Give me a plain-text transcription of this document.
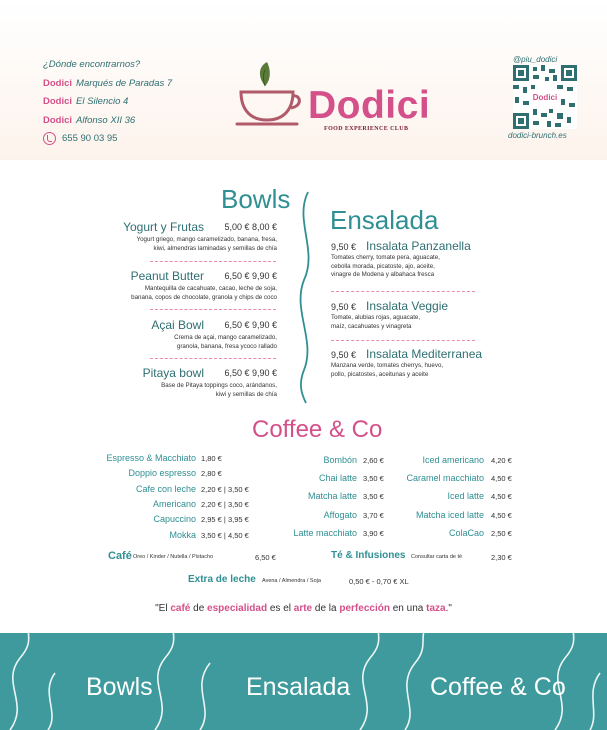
¿Dónde encontrarnos?
Dodici Marqués de Paradas 7
Dodici El Silencio 4
Dodici Alfonso XII 36
655 90 03 95
Dodici
FOOD EXPERIENCE CLUB
@piu_dodici
Dodici
dodici-brunch.es
Bowls
Yogurt y Frutas 5,00 € 8,00 €
Yogurt griego, mango caramelizado, banana, fresa,
kiwi, almendras laminadas y semillas de chía
Peanut Butter 6,50 € 9,90 €
Mantequilla de cacahuate, cacao, leche de soja,
banana, copos de chocolate, granola y chips de coco
Açai Bowl 6,50 € 9,90 €
Crema de açai, mango caramelizado,
granola, banana, fresa ycoco rallado
Pitaya bowl 6,50 € 9,90 €
Base de Pitaya toppings coco, arándanos,
kiwi y semillas de chía
Ensalada
9,50 € Insalata Panzanella
Tomates cherry, tomate pera, aguacate,
cebolla morada, picatoste, ajo, aceite,
vinagre de Modena y albahaca fresca
9,50 € Insalata Veggie
Tomate, alubias rojas, aguacate,
maíz, cacahuates y vinagreta
9,50 € Insalata Mediterranea
Manzana verde, tomates cherrys, huevo,
pollo, picatostes, aceitunas y aceite
Coffee & Co
Espresso & Macchiato 1,80 €
Doppio espresso 2,80 €
Cafe con leche 2,20 € | 3,50 €
Americano 2,20 € | 3,50 €
Capuccino 2,95 € | 3,95 €
Mokka 3,50 € | 4,50 €
Bombón 2,60 €
Chai latte 3,50 €
Matcha latte 3,50 €
Affogato 3,70 €
Latte macchiato 3,90 €
Iced americano 4,20 €
Caramel macchiato 4,50 €
Iced latte 4,50 €
Matcha iced latte 4,50 €
ColaCao 2,50 €
Café Oreo / Kinder / Nutella / Pistacho	6,50 €	Té & Infusiones Consultar carta de té	2,30 €
Extra de leche Avena / Almendra / Soja	0,50 € - 0,70 € XL
"El café de especialidad es el arte de la perfección en una taza."
Bowls	Ensalada	Coffee & Co
